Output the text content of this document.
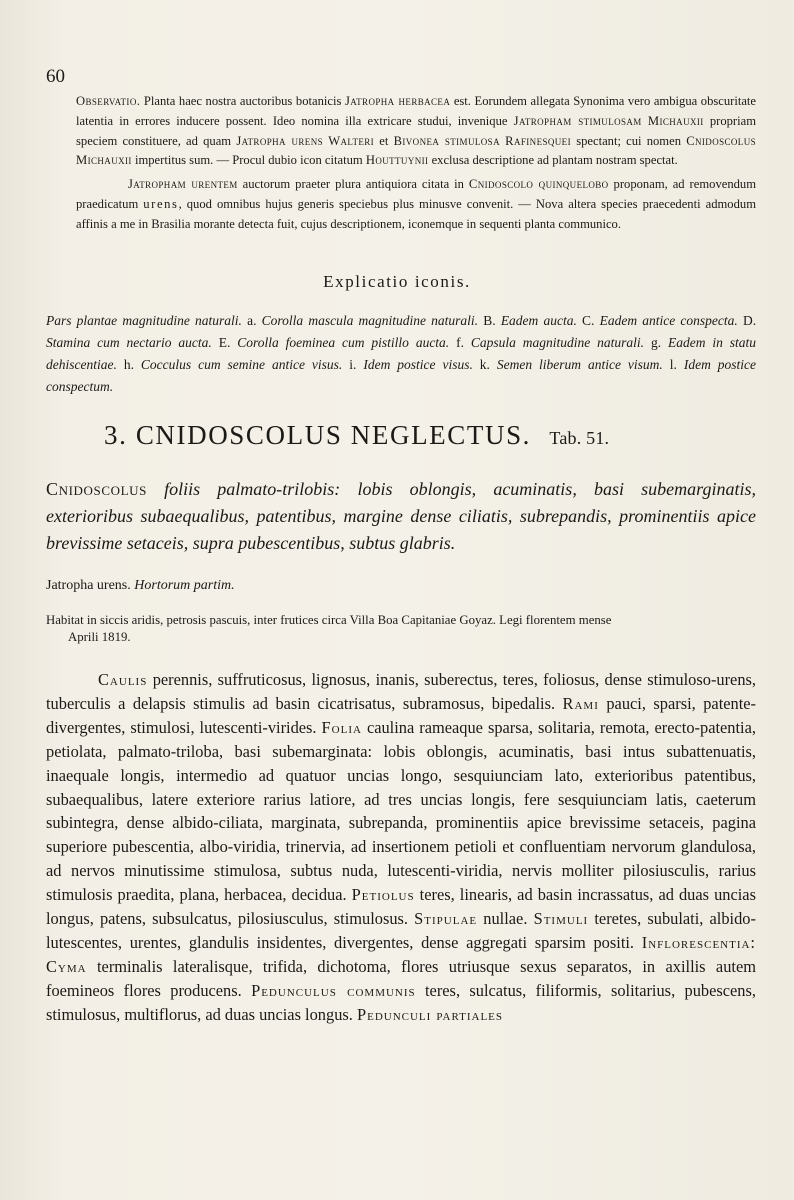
60

Observatio. Planta haec nostra auctoribus botanicis Jatropha herbacea est. Eorundem allegata Synonima vero ambigua obscuritate latentia in errores inducere possent. Ideo nomina illa extricare studui, invenique Jatropham stimulosam Michauxii propriam speciem constituere, ad quam Jatropha urens Walteri et Bivonea stimulosa Rafinesquei spectant; cui nomen Cnidoscolus Michauxii impertitus sum. — Procul dubio icon citatum Houttuynii exclusa descriptione ad plantam nostram spectat.

Jatropham urentem auctorum praeter plura antiquiora citata in Cnidoscolo quinquelobo proponam, ad removendum praedicatum urens, quod omnibus hujus generis speciebus plus minusve convenit. — Nova altera species praecedenti admodum affinis a me in Brasilia morante detecta fuit, cujus descriptionem, iconemque in sequenti planta communico.

Explicatio iconis.
Pars plantae magnitudine naturali. a. Corolla mascula magnitudine naturali. B. Eadem aucta. C. Eadem antice conspecta. D. Stamina cum nectario aucta. E. Corolla foeminea cum pistillo aucta. f. Capsula magnitudine naturali. g. Eadem in statu dehiscentiae. h. Cocculus cum semine antice visus. i. Idem postice visus. k. Semen liberum antice visum. l. Idem postice conspectum.
3. CNIDOSCOLUS NEGLECTUS. Tab. 51.
Cnidoscolus foliis palmato-trilobis: lobis oblongis, acuminatis, basi subemarginatis, exterioribus subaequalibus, patentibus, margine dense ciliatis, subrepandis, prominentiis apice brevissime setaceis, supra pubescentibus, subtus glabris.
Jatropha urens. Hortorum partim.
Habitat in siccis aridis, petrosis pascuis, inter frutices circa Villa Boa Capitaniae Goyaz. Legi florentem mense
Aprili 1819.
Caulis perennis, suffruticosus, lignosus, inanis, suberectus, teres, foliosus, dense stimuloso-urens, tuberculis a delapsis stimulis ad basin cicatrisatus, subramosus, bipedalis. Rami pauci, sparsi, patente-divergentes, stimulosi, lutescenti-virides. Folia caulina rameaque sparsa, solitaria, remota, erecto-patentia, petiolata, palmato-triloba, basi subemarginata: lobis oblongis, acuminatis, basi intus subattenuatis, inaequale longis, intermedio ad quatuor uncias longo, sesquiunciam lato, exterioribus patentibus, subaequalibus, latere exteriore rarius latiore, ad tres uncias longis, fere sesquiunciam latis, caeterum subintegra, dense albido-ciliata, marginata, subrepanda, prominentiis apice brevissime setaceis, pagina superiore pubescentia, albo-viridia, trinervia, ad insertionem petioli et confluentiam nervorum glandulosa, ad nervos minutissime stimulosa, subtus nuda, lutescenti-viridia, nervis molliter pilosiusculis, rarius stimulosis praedita, plana, herbacea, decidua. Petiolus teres, linearis, ad basin incrassatus, ad duas uncias longus, patens, subsulcatus, pilosiusculus, stimulosus. Stipulae nullae. Stimuli teretes, subulati, albido-lutescentes, urentes, glandulis insidentes, divergentes, dense aggregati sparsim positi. Inflorescentia: Cyma terminalis lateralisque, trifida, dichotoma, flores utriusque sexus separatos, in axillis autem foemineos flores producens. Pedunculus communis teres, sulcatus, filiformis, solitarius, pubescens, stimulosus, multiflorus, ad duas uncias longus. Pedunculi partiales
